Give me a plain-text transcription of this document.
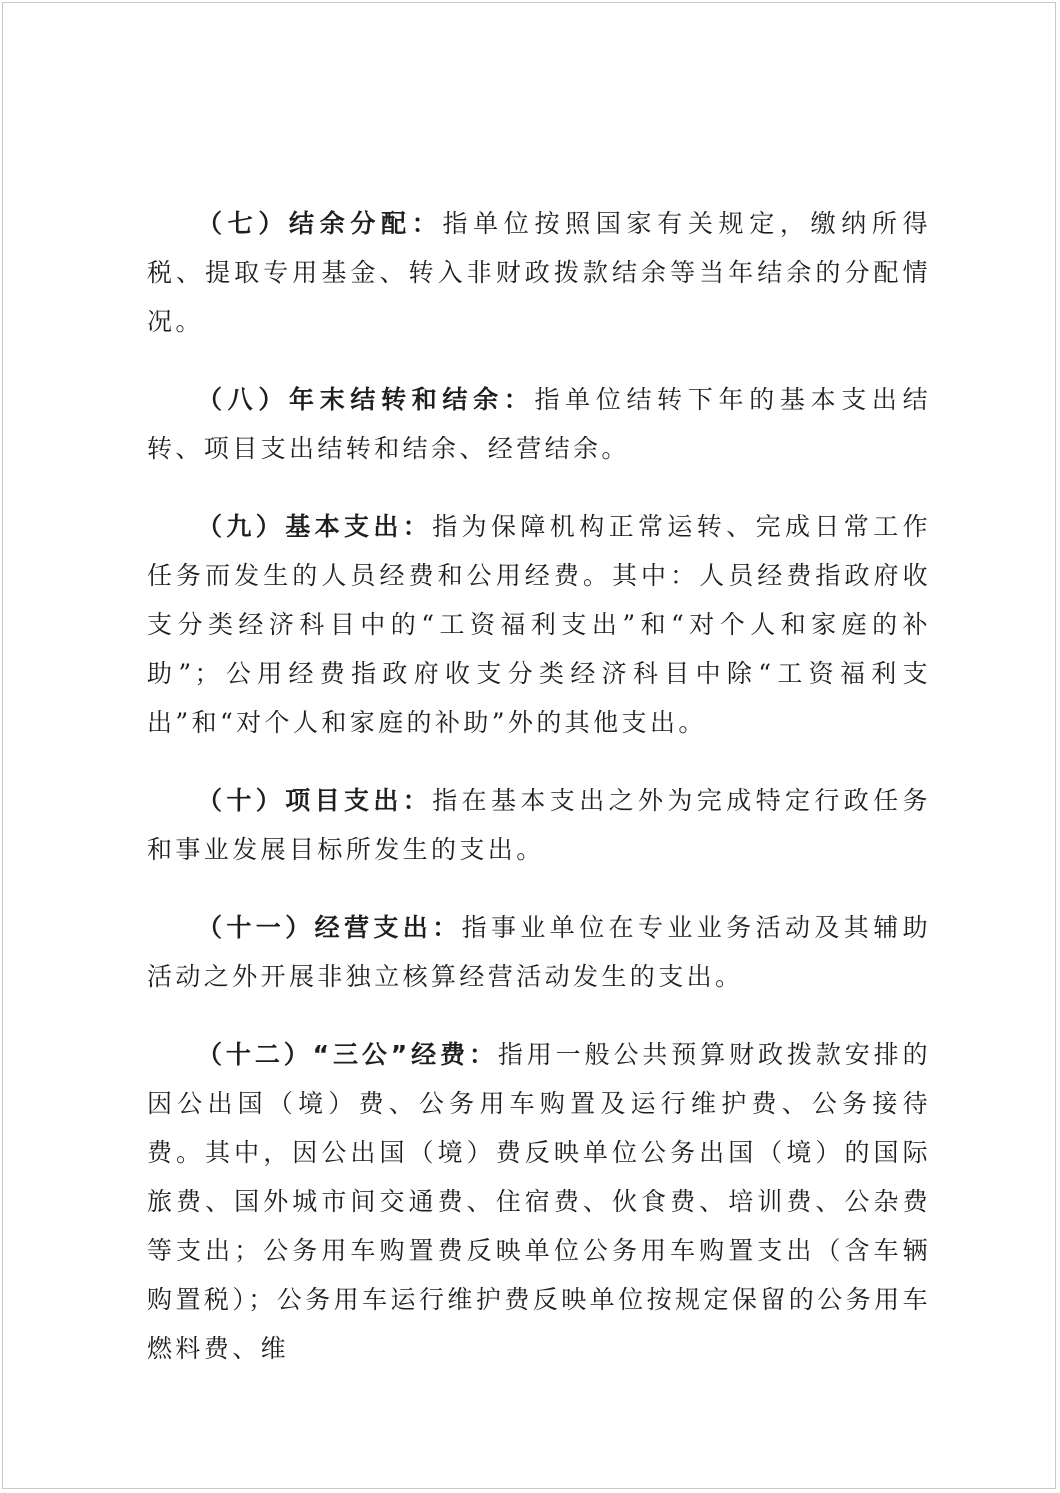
（七）结余分配：指单位按照国家有关规定，缴纳所得税、提取专用基金、转入非财政拨款结余等当年结余的分配情况。

（八）年末结转和结余：指单位结转下年的基本支出结转、项目支出结转和结余、经营结余。

（九）基本支出：指为保障机构正常运转、完成日常工作任务而发生的人员经费和公用经费。其中：人员经费指政府收支分类经济科目中的“工资福利支出”和“对个人和家庭的补助”；公用经费指政府收支分类经济科目中除“工资福利支出”和“对个人和家庭的补助”外的其他支出。

（十）项目支出：指在基本支出之外为完成特定行政任务和事业发展目标所发生的支出。

（十一）经营支出：指事业单位在专业业务活动及其辅助活动之外开展非独立核算经营活动发生的支出。

（十二）“三公”经费：指用一般公共预算财政拨款安排的因公出国（境）费、公务用车购置及运行维护费、公务接待费。其中，因公出国（境）费反映单位公务出国（境）的国际旅费、国外城市间交通费、住宿费、伙食费、培训费、公杂费等支出；公务用车购置费反映单位公务用车购置支出（含车辆购置税）；公务用车运行维护费反映单位按规定保留的公务用车燃料费、维
